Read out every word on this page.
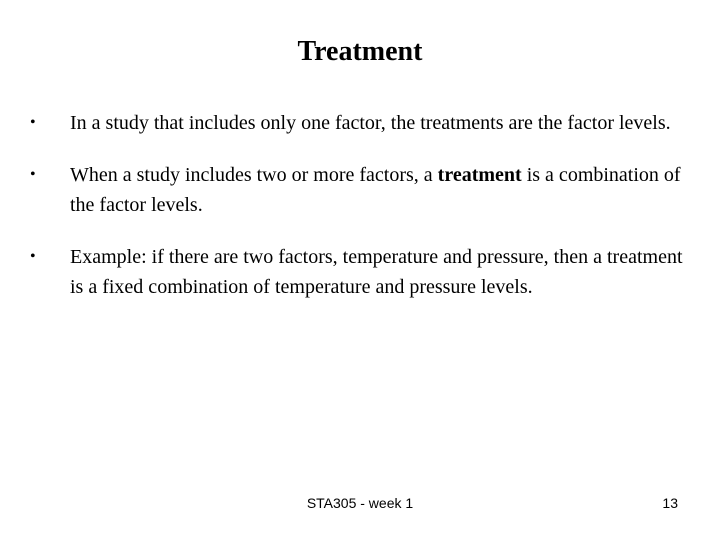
Treatment
•	In a study that includes only one factor, the treatments are the factor levels.
•	When a study includes two or more factors, a treatment is a combination of the factor levels.
•	Example: if there are two factors, temperature and pressure, then a treatment is a fixed combination of temperature and pressure levels.
STA305 - week 1	13
